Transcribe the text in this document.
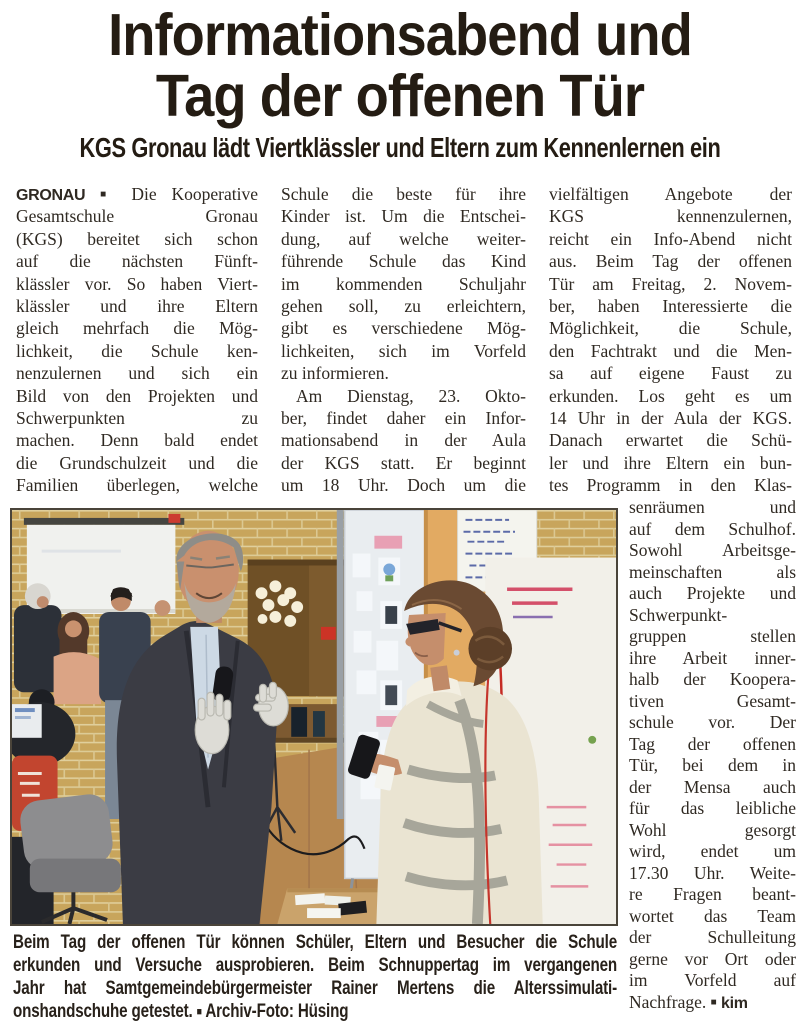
Informationsabend und
Tag der offenen Tür
KGS Gronau lädt Viertklässler und Eltern zum Kennenlernen ein
GRONAU ■ Die Kooperative
Gesamtschule Gronau
(KGS) bereitet sich schon
auf die nächsten Fünft-
klässler vor. So haben Viert-
klässler und ihre Eltern
gleich mehrfach die Mög-
lichkeit, die Schule ken-
nenzulernen und sich ein
Bild von den Projekten und
Schwerpunkten zu
machen. Denn bald endet
die Grundschulzeit und die
Familien überlegen, welche
Schule die beste für ihre
Kinder ist. Um die Entschei-
dung, auf welche weiter-
führende Schule das Kind
im kommenden Schuljahr
gehen soll, zu erleichtern,
gibt es verschiedene Mög-
lichkeiten, sich im Vorfeld
zu informieren.
Am Dienstag, 23. Okto-
ber, findet daher ein Infor-
mationsabend in der Aula
der KGS statt. Er beginnt
um 18 Uhr. Doch um die
vielfältigen Angebote der
KGS kennenzulernen,
reicht ein Info-Abend nicht
aus. Beim Tag der offenen
Tür am Freitag, 2. Novem-
ber, haben Interessierte die
Möglichkeit, die Schule,
den Fachtrakt und die Men-
sa auf eigene Faust zu
erkunden. Los geht es um
14 Uhr in der Aula der KGS.
Danach erwartet die Schü-
ler und ihre Eltern ein bun-
tes Programm in den Klas-
senräumen und
auf dem Schulhof.
Sowohl Arbeitsge-
meinschaften als
auch Projekte und
Schwerpunkt-
gruppen stellen
ihre Arbeit inner-
halb der Koopera-
tiven Gesamt-
schule vor. Der
Tag der offenen
Tür, bei dem in
der Mensa auch
für das leibliche
Wohl gesorgt
wird, endet um
17.30 Uhr. Weite-
re Fragen beant-
wortet das Team
der Schulleitung
gerne vor Ort oder
im Vorfeld auf
Nachfrage. ■ kim
Beim Tag der offenen Tür können Schüler, Eltern und Besucher die Schule
erkunden und Versuche ausprobieren. Beim Schnuppertag im vergangenen
Jahr hat Samtgemeindebürgermeister Rainer Mertens die Alterssimulati-
onshandschuhe getestet. ■ Archiv-Foto: Hüsing
